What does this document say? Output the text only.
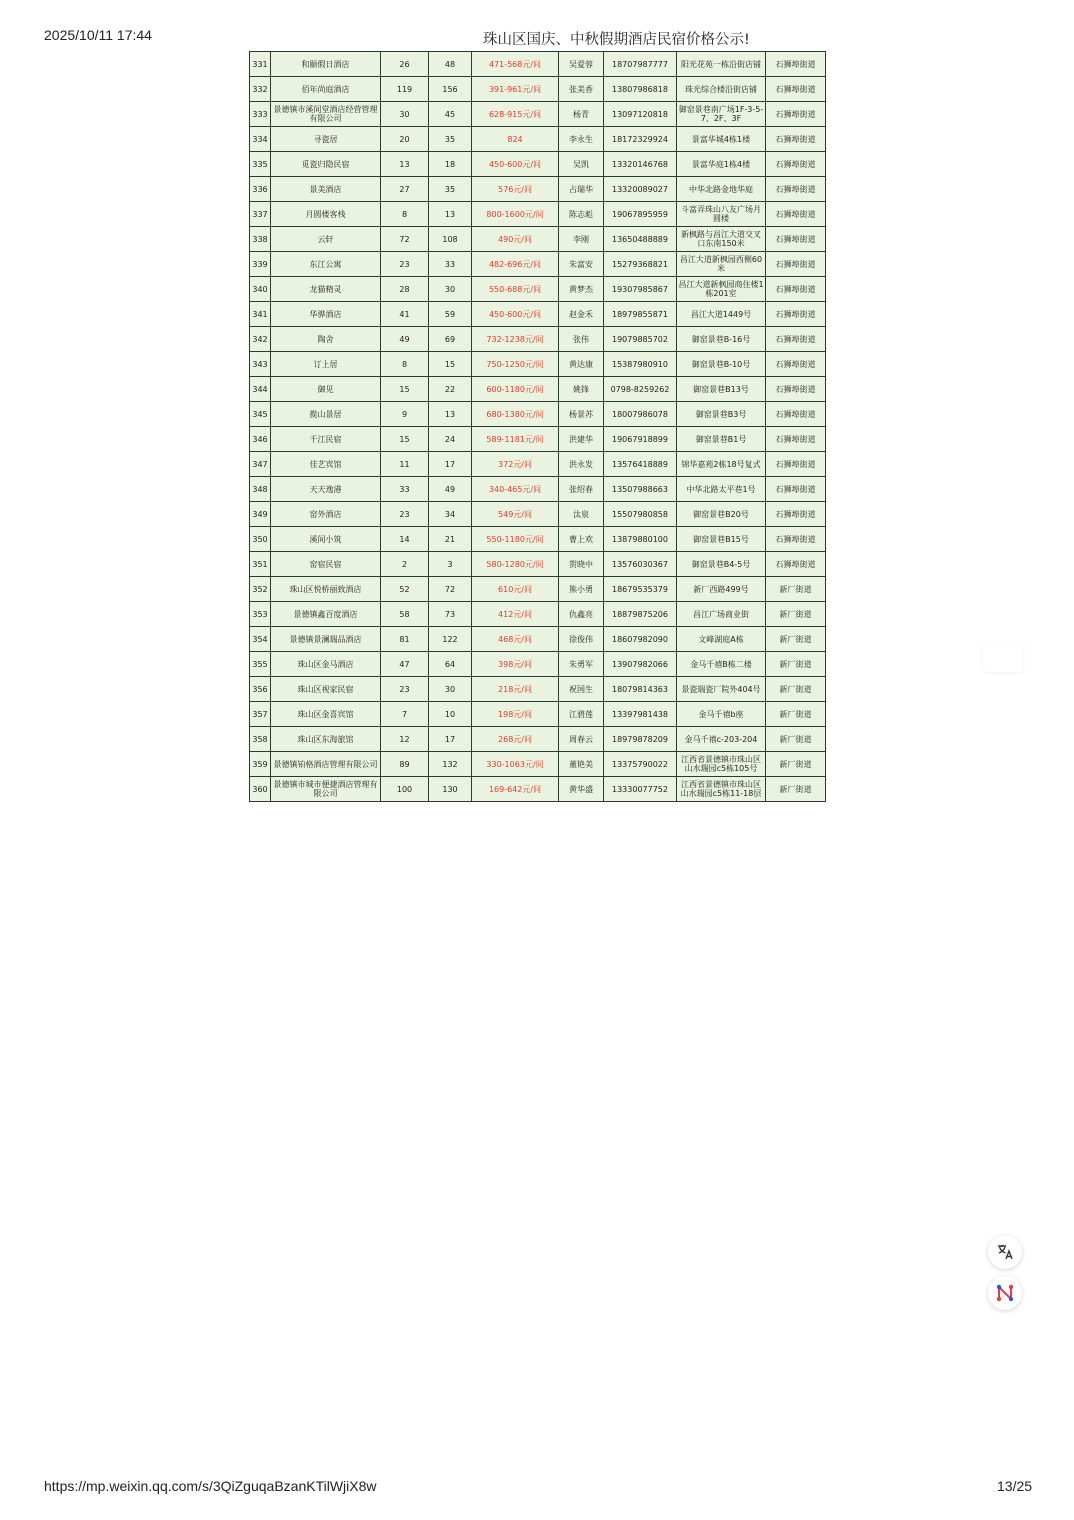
2025/10/11 17:44	珠山区国庆、中秋假期酒店民宿价格公示!
331	和颐假日酒店	26	48	471-568元/间	吴爱蓉	18707987777	阳光花苑一栋沿街店铺	石狮埠街道
332	佰年尚庭酒店	119	156	391-961元/间	张美香	13807986818	珠光综合楼沿街店铺	石狮埠街道
333	景德镇市溪间堂酒店经营管理有限公司	30	45	628-915元/间	杨青	13097120818	御窑景巷南广场1F-3-5-7、2F、3F	石狮埠街道
334	寻瓷居	20	35	824	李永生	18172329924	景富华城4栋1楼	石狮埠街道
335	觅瓷归隐民宿	13	18	450-600元/间	吴凯	13320146768	景富华庭1栋4楼	石狮埠街道
336	景美酒店	27	35	576元/间	占瑞华	13320089027	中华北路金地华庭	石狮埠街道
337	月圆楼客栈	8	13	800-1600元/间	陈志彪	19067895959	斗富弄珠山八友广场月圆楼	石狮埠街道
338	云轩	72	108	490元/间	李刚	13650488889	新枫路与昌江大道交叉口东南150米	石狮埠街道
339	东江公寓	23	33	482-696元/间	朱富安	15279368821	昌江大道新枫园西侧60米	石狮埠街道
340	龙猫精灵	28	30	550-688元/间	黄梦杰	19307985867	昌江大道新枫园商住楼1栋201室	石狮埠街道
341	华骅酒店	41	59	450-600元/间	赵金禾	18979855871	昌江大道1449号	石狮埠街道
342	陶舍	49	69	732-1238元/间	张伟	19079885702	御窑景巷B-16号	石狮埠街道
343	订上居	8	15	750-1250元/间	黄达康	15387980910	御窑景巷B-10号	石狮埠街道
344	御见	15	22	600-1180元/间	姚锋	0798-8259262	御窑景巷B13号	石狮埠街道
345	揽山景居	9	13	680-1380元/间	杨景苏	18007986078	御窑景巷B3号	石狮埠街道
346	千江民宿	15	24	589-1181元/间	洪建华	19067918899	御窑景巷B1号	石狮埠街道
347	佳艺宾馆	11	17	372元/间	洪永发	13576418889	锦华嘉苑2栋18号复式	石狮埠街道
348	天天逸港	33	49	340-465元/间	张绍春	13507988663	中华北路太平巷1号	石狮埠街道
349	窑外酒店	23	34	549元/间	汰泉	15507980858	御窑景巷B20号	石狮埠街道
350	溪间小筑	14	21	550-1180元/间	曹上欢	13879880100	御窑景巷B15号	石狮埠街道
351	窑宿民宿	2	3	580-1280元/间	贺晓中	13576030367	御窑景巷B4-5号	石狮埠街道
352	珠山区悦桥丽致酒店	52	72	610元/间	熊小勇	18679535379	新厂西路499号	新厂街道
353	景德镇鑫百度酒店	58	73	412元/间	仇鑫亮	18879875206	昌江广场商业街	新厂街道
354	景德镇景澜瑞品酒店	81	122	468元/间	徐俊伟	18607982090	文峰湖庭A栋	新厂街道
355	珠山区金马酒店	47	64	398元/间	朱勇军	13907982066	金马千禧B栋二楼	新厂街道
356	珠山区视家民宿	23	30	218元/间	祝国生	18079814363	景瓷瑞瓷厂院外404号	新厂街道
357	珠山区金喜宾馆	7	10	198元/间	江碧莲	13397981438	金马千禧b座	新厂街道
358	珠山区东海旅馆	12	17	268元/间	周春云	18979878209	金马千禧c-203-204	新厂街道
359	景德镇铂格酒店管理有限公司	89	132	330-1063元/间	董艳美	13375790022	江西省景德镇市珠山区山水瑞园c5栋105号	新厂街道
360	景德镇市城市便捷酒店管理有限公司	100	130	169-642元/间	黄华盛	13330077752	江西省景德镇市珠山区山水瑞园c5栋11-18层	新厂街道
https://mp.weixin.qq.com/s/3QiZguqaBzanKTilWjiX8w	13/25
